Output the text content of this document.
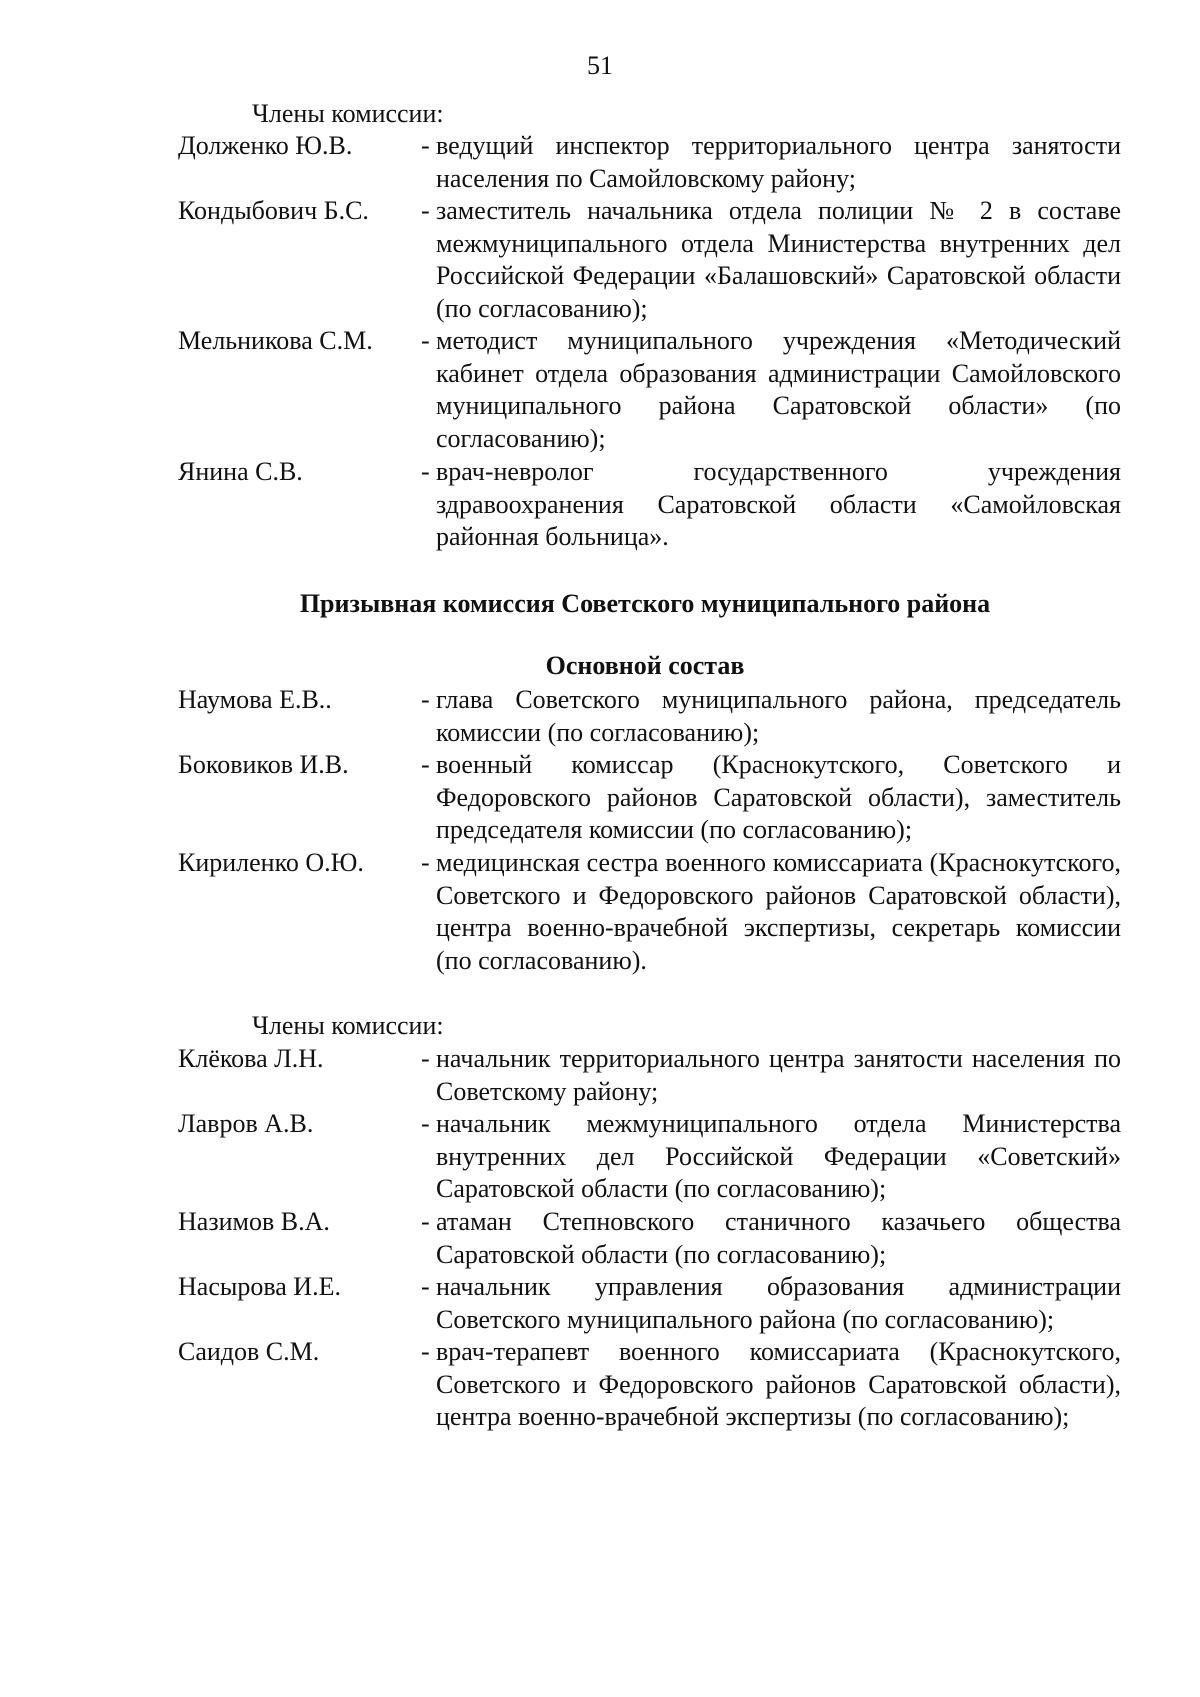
51
Члены комиссии:
Долженко Ю.В.	- ведущий инспектор территориального центра занятости населения по Самойловскому району;
Кондыбович Б.С. - заместитель начальника отдела полиции № 2 в составе межмуниципального отдела Министерства внутренних дел Российской Федерации «Балашовский» Саратовской области (по согласованию);
Мельникова С.М. - методист муниципального учреждения «Методический кабинет отдела образования администрации Самойловского муниципального района Саратовской области» (по согласованию);
Янина С.В.	- врач-невролог государственного учреждения здравоохранения Саратовской области «Самойловская районная больница».
Призывная комиссия Советского муниципального района
Основной состав
Наумова Е.В..	- глава Советского муниципального района, председатель комиссии (по согласованию);
Боковиков И.В.	- военный комиссар (Краснокутского, Советского и Федоровского районов Саратовской области), заместитель председателя комиссии (по согласованию);
Кириленко О.Ю. - медицинская сестра военного комиссариата (Краснокутского, Советского и Федоровского районов Саратовской области), центра военно-врачебной экспертизы, секретарь комиссии (по согласованию).
Члены комиссии:
Клёкова Л.Н.	- начальник территориального центра занятости населения по Советскому району;
Лавров А.В.	- начальник межмуниципального отдела Министерства внутренних дел Российской Федерации «Советский» Саратовской области (по согласованию);
Назимов В.А.	- атаман Степновского станичного казачьего общества Саратовской области (по согласованию);
Насырова И.Е.	- начальник управления образования администрации Советского муниципального района (по согласованию);
Саидов С.М.	- врач-терапевт военного комиссариата (Краснокутского, Советского и Федоровского районов Саратовской области), центра военно-врачебной экспертизы (по согласованию);
